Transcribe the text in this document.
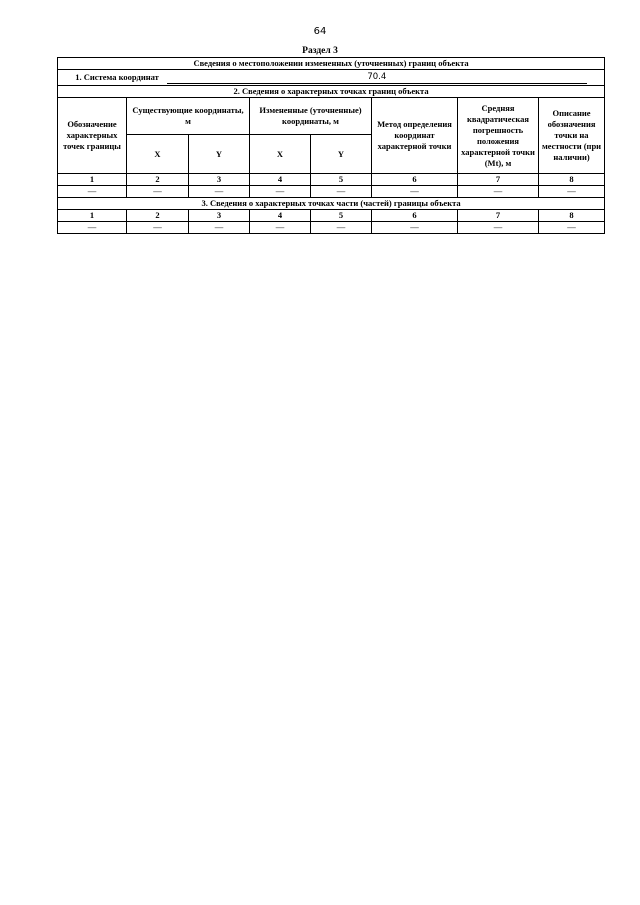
64
Раздел 3
Сведения о местоположении измененных (уточненных) границ объекта							
1. Система координат 70.4							
2. Сведения о характерных точках границ объекта							
Обозначение характерных точек границы	Существующие координаты, м		Измененные (уточненные) координаты, м		Метод определения координат характерной точки	Средняя квадратическая погрешность положения характерной точки (Mt), м	Описание обозначения точки на местности (при наличии)
	X	Y	X	Y			
1	2	3	4	5	6	7	8
—	—	—	—	—	—	—	—
3. Сведения о характерных точках части (частей) границы объекта							
1	2	3	4	5	6	7	8
—	—	—	—	—	—	—	—
